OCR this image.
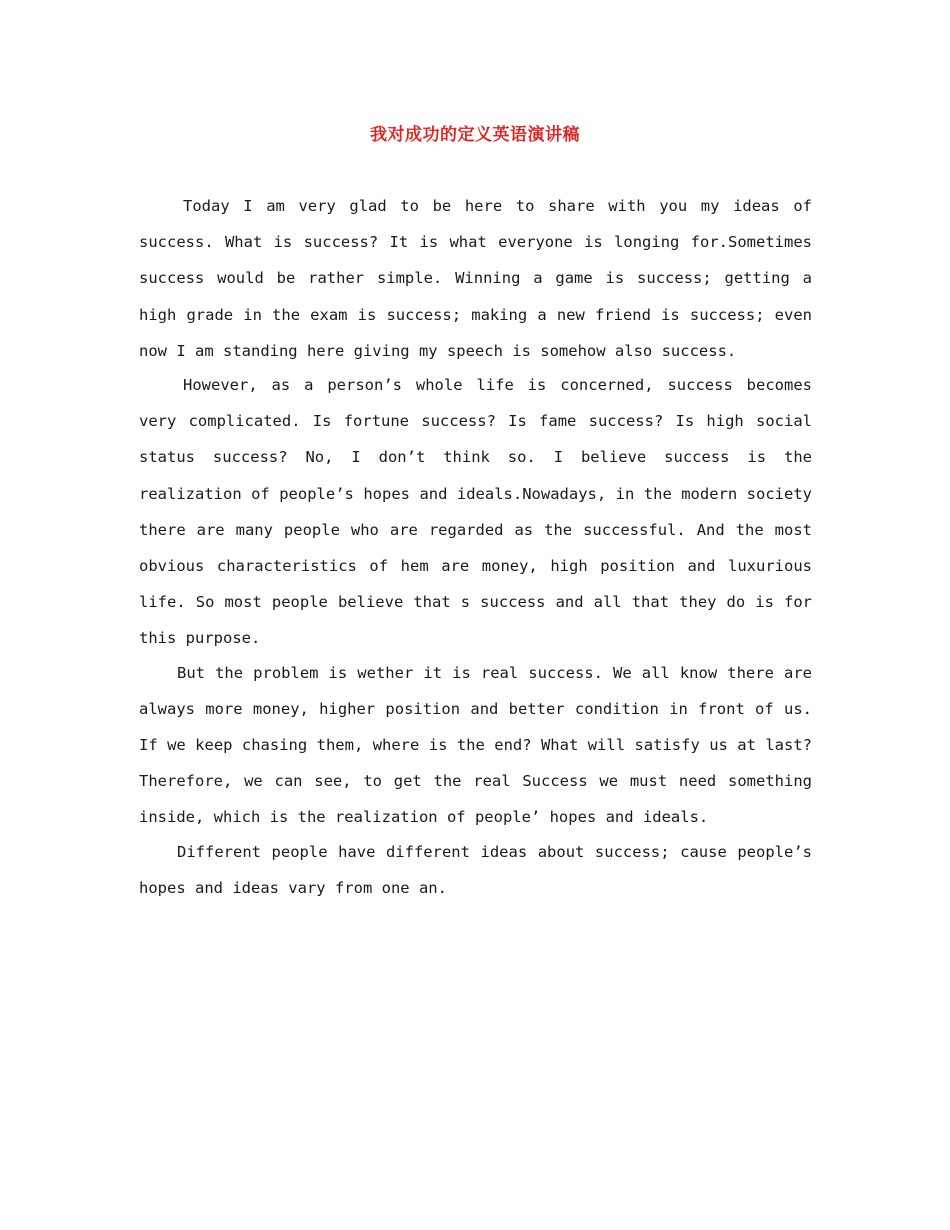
我对成功的定义英语演讲稿

Today I am very glad to be here to share with you my ideas of success. What is success? It is what everyone is longing for.Sometimes success would be rather simple. Winning a game is success; getting a high grade in the exam is success; making a new friend is success; even now I am standing here giving my speech is somehow also success.

However, as a person’s whole life is concerned, success becomes very complicated. Is fortune success? Is fame success? Is high social status success? No, I don’t think so. I believe success is the realization of people’s hopes and ideals.Nowadays, in the modern society there are many people who are regarded as the successful. And the most obvious characteristics of hem are money, high position and luxurious life. So most people believe that s success and all that they do is for this purpose.

But the problem is wether it is real success. We all know there are always more money, higher position and better condition in front of us. If we keep chasing them, where is the end? What will satisfy us at last? Therefore, we can see, to get the real Success we must need something inside, which is the realization of people’ hopes and ideals.

Different people have different ideas about success; cause people’s hopes and ideas vary from one an.
